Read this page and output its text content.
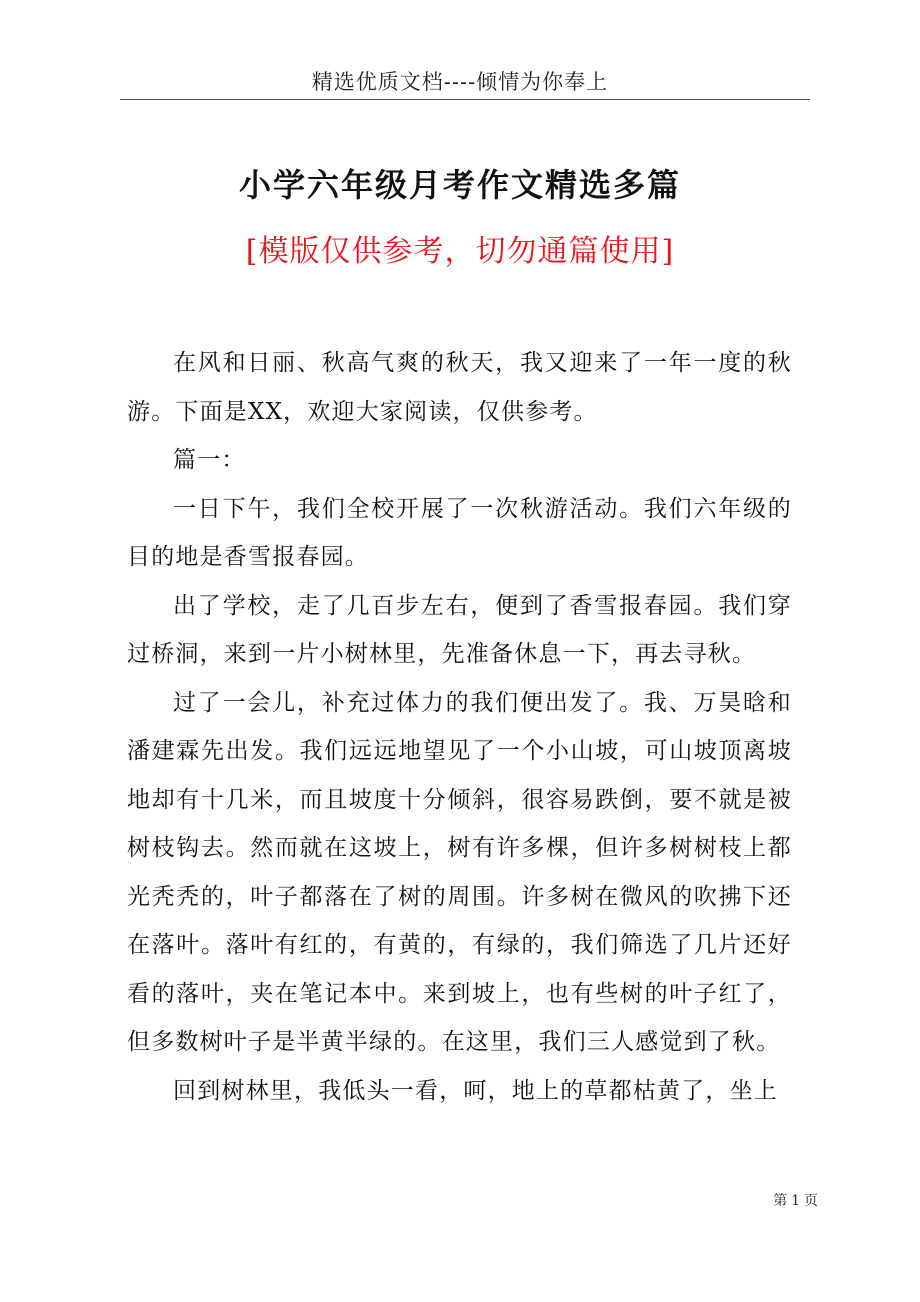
精选优质文档----倾情为你奉上
小学六年级月考作文精选多篇
[模版仅供参考，切勿通篇使用]

在风和日丽、秋高气爽的秋天，我又迎来了一年一度的秋游。下面是XX，欢迎大家阅读，仅供参考。

篇一：

一日下午，我们全校开展了一次秋游活动。我们六年级的目的地是香雪报春园。

出了学校，走了几百步左右，便到了香雪报春园。我们穿过桥洞，来到一片小树林里，先准备休息一下，再去寻秋。

过了一会儿，补充过体力的我们便出发了。我、万昊晗和潘建霖先出发。我们远远地望见了一个小山坡，可山坡顶离坡地却有十几米，而且坡度十分倾斜，很容易跌倒，要不就是被树枝钩去。然而就在这坡上，树有许多棵，但许多树树枝上都光秃秃的，叶子都落在了树的周围。许多树在微风的吹拂下还在落叶。落叶有红的，有黄的，有绿的，我们筛选了几片还好看的落叶，夹在笔记本中。来到坡上，也有些树的叶子红了，但多数树叶子是半黄半绿的。在这里，我们三人感觉到了秋。

回到树林里，我低头一看，呵，地上的草都枯黄了，坐上

第 1 页
